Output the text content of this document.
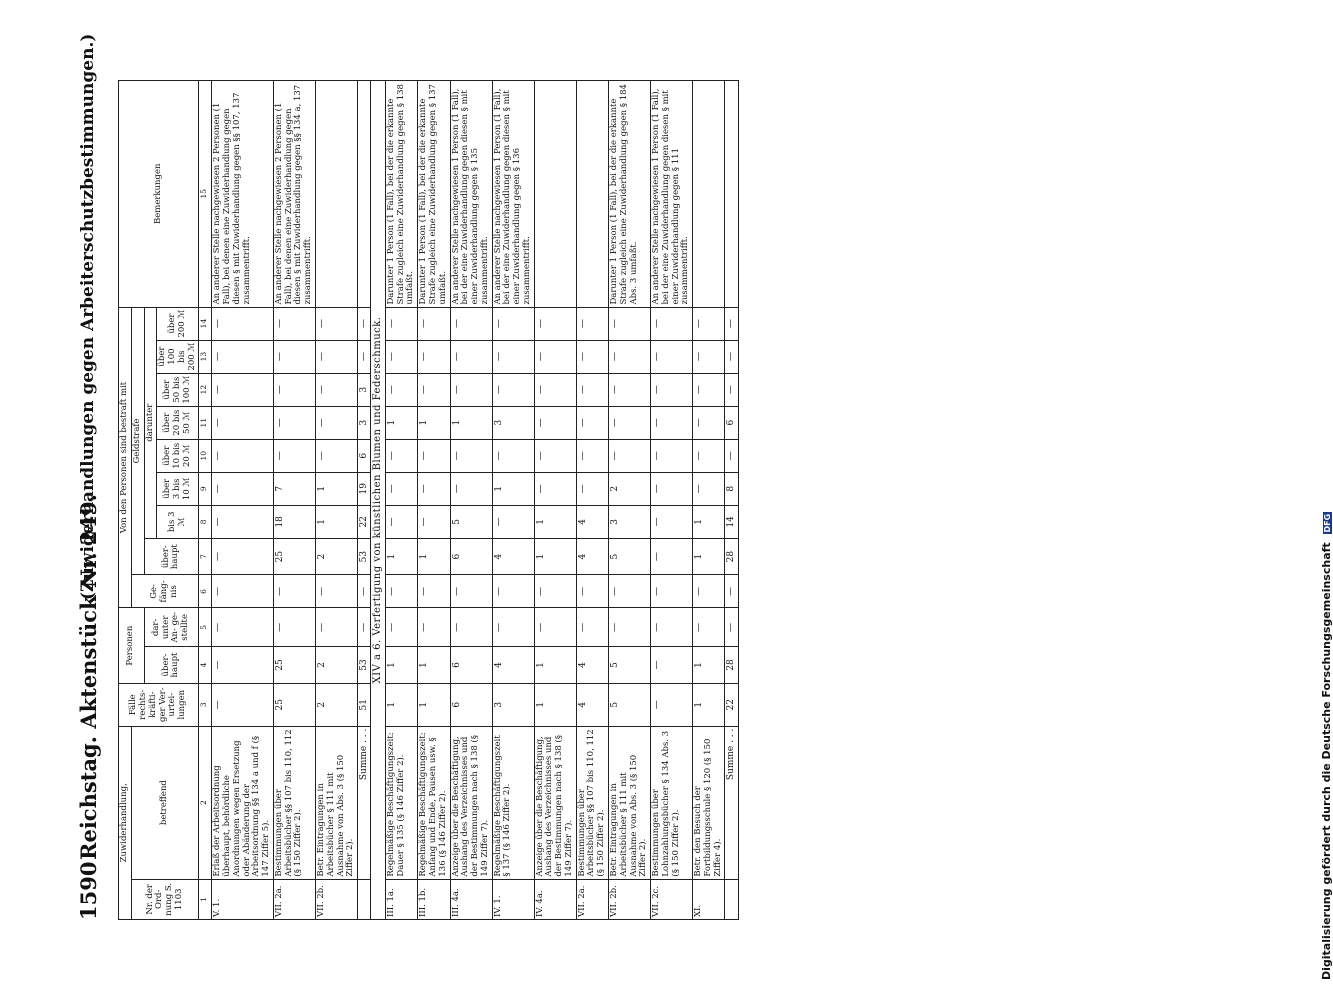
1590
Reichstag. Aktenstück Nr. 249.
(Zuwiderhandlungen gegen Arbeiterschutzbestimmungen.)
Zuwiderhandlung,		Fälle rechts- kräfti- ger Ver- urtei- lungen	Personen		Von den Personen sind bestraft mit									Bemerkungen
Nr. der Ord- nung S. 1103	betreffend				Ge- fäng- nis	Geldstrafe								
			über- haupt	dar- unter An- ge- stellte		über- haupt	darunter							
							bis 3 ℳ	über 3 bis 10 ℳ	über 10 bis 20 ℳ	über 20 bis 50 ℳ	über 50 bis 100 ℳ	über 100 bis 200 ℳ	über 200 ℳ	
1	2	3	4	5	6	7	8	9	10	11	12	13	14	15
V. 1.	Erlaß der Arbeitsordnung überhaupt, behördliche Anordnungen wegen Ersetzung oder Abänderung der Arbeitsordnung §§ 134 a und f (§ 147 Ziffer 5).	—	—	—	—	—	—	—	—	—	—	—	—	An anderer Stelle nachgewiesen 2 Personen (1 Fall), bei denen eine Zuwiderhandlung gegen diesen § mit Zuwiderhandlung gegen §§ 107, 137 zusammentrifft.
VII. 2a.	Bestimmungen über Arbeitsbücher §§ 107 bis 110, 112 (§ 150 Ziffer 2).	25	25	—	—	25	18	7	—	—	—	—	—	An anderer Stelle nachgewiesen 2 Personen (1 Fall), bei denen eine Zuwiderhandlung gegen diesen § mit Zuwiderhandlung gegen §§ 134 a, 137 zusammentrifft.
VII. 2b.	Betr. Eintragungen in Arbeitsbücher § 111 mit Ausnahme von Abs. 3 (§ 150 Ziffer 2).	2	2	—	—	2	1	1	—	—	—	—	—	
	Summe . . .	51	53	—	—	53	22	19	6	3	3	—	—	
XIV a 6. Verfertigung von künstlichen Blumen und Federschmuck.														
III. 1a.	Regelmäßige Beschäftigungszeit: Dauer § 135 (§ 146 Ziffer 2).	1	1	—	—	1	—	—	—	1	—	—	—	Darunter 1 Person (1 Fall), bei der die erkannte Strafe zugleich eine Zuwiderhandlung gegen § 138 umfaßt.
III. 1b.	Regelmäßige Beschäftigungszeit: Anfang und Ende, Pausen usw. § 136 (§ 146 Ziffer 2).	1	1	—	—	1	—	—	—	1	—	—	—	Darunter 1 Person (1 Fall), bei der die erkannte Strafe zugleich eine Zuwiderhandlung gegen § 137 umfaßt.
III. 4a.	Anzeige über die Beschäftigung, Aushang des Verzeichnisses und der Bestimmungen nach § 138 (§ 149 Ziffer 7).	6	6	—	—	6	5	—	—	1	—	—	—	An anderer Stelle nachgewiesen 1 Person (1 Fall), bei der eine Zuwiderhandlung gegen diesen § mit einer Zuwiderhandlung gegen § 135 zusammentrifft.
IV. 1.	Regelmäßige Beschäftigungszeit § 137 (§ 146 Ziffer 2).	3	4	—	—	4	—	1	—	3	—	—	—	An anderer Stelle nachgewiesen 1 Person (1 Fall), bei der eine Zuwiderhandlung gegen diesen § mit einer Zuwiderhandlung gegen § 136 zusammentrifft.
IV. 4a.	Anzeige über die Beschäftigung, Aushang des Verzeichnisses und der Bestimmungen nach § 138 (§ 149 Ziffer 7).	1	1	—	—	1	1	—	—	—	—	—	—	
VII. 2a.	Bestimmungen über Arbeitsbücher §§ 107 bis 110, 112 (§ 150 Ziffer 2).	4	4	—	—	4	4	—	—	—	—	—	—	
VII. 2b.	Betr. Eintragungen in Arbeitsbücher § 111 mit Ausnahme von Abs. 3 (§ 150 Ziffer 2).	5	5	—	—	5	3	2	—	—	—	—	—	Darunter 1 Person (1 Fall), bei der die erkannte Strafe zugleich eine Zuwiderhandlung gegen § 184 Abs. 3 umfaßt.
VII. 2c.	Bestimmungen über Lohnzahlungsbücher § 134 Abs. 3 (§ 150 Ziffer 2).	—	—	—	—	—	—	—	—	—	—	—	—	An anderer Stelle nachgewiesen 1 Person (1 Fall), bei der eine Zuwiderhandlung gegen diesen § mit einer Zuwiderhandlung gegen § 111 zusammentrifft.
XI.	Betr. den Besuch der Fortbildungsschule § 120 (§ 150 Ziffer 4).	1	1	—	—	1	1	—	—	—	—	—	—	
	Summe . . .	22	28	—	—	28	14	8	—	6	—	—	—	
Digitalisierung gefördert durch die Deutsche Forschungsgemeinschaft DFG
